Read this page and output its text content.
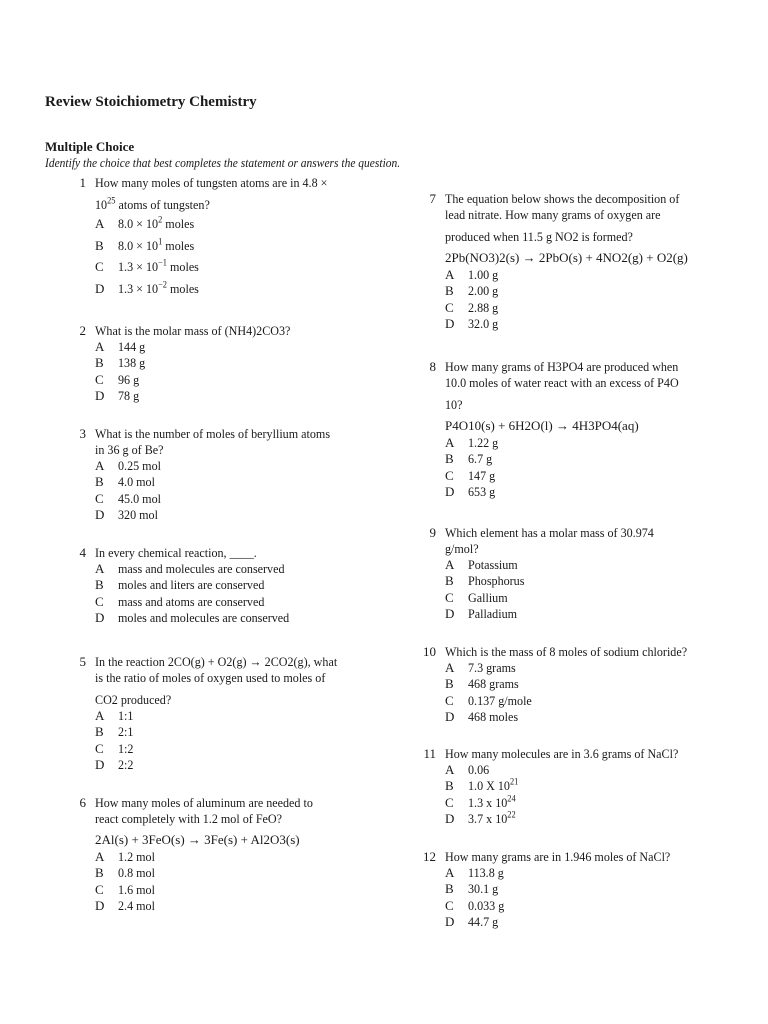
Review Stoichiometry Chemistry
Multiple Choice
Identify the choice that best completes the statement or answers the question.
1 How many moles of tungsten atoms are in 4.8 ×
$10^{25}$ atoms of tungsten?
A	$8.0 \times 10^2$ moles
B	$8.0 \times 10^1$ moles
C	$1.3 \times 10^{-1}$ moles
D	$1.3 \times 10^{-2}$ moles
2 What is the molar mass of (NH4)2CO3?
A	144 g
B	138 g
C	96 g
D	78 g
3 What is the number of moles of beryllium atoms
in 36 g of Be?
A	0.25 mol
B	4.0 mol
C	45.0 mol
D	320 mol
4 In every chemical reaction, ____.
A	mass and molecules are conserved
B	moles and liters are conserved
C	mass and atoms are conserved
D	moles and molecules are conserved
5 In the reaction 2CO(g) + O2(g) → 2CO2(g), what
is the ratio of moles of oxygen used to moles of
CO2 produced?
A	1:1
B	2:1
C	1:2
D	2:2
6 How many moles of aluminum are needed to
react completely with 1.2 mol of FeO?
2Al(s) + 3FeO(s) → 3Fe(s) + Al2O3(s)
A	1.2 mol
B	0.8 mol
C	1.6 mol
D	2.4 mol
7 The equation below shows the decomposition of
lead nitrate. How many grams of oxygen are
produced when 11.5 g NO2 is formed?
2Pb(NO3)2(s) → 2PbO(s) + 4NO2(g) + O2(g)
A	1.00 g
B	2.00 g
C	2.88 g
D	32.0 g
8 How many grams of H3PO4 are produced when
10.0 moles of water react with an excess of P4O
10?
P4O10(s) + 6H2O(l) → 4H3PO4(aq)
A	1.22 g
B	6.7 g
C	147 g
D	653 g
9 Which element has a molar mass of 30.974
g/mol?
A	Potassium
B	Phosphorus
C	Gallium
D	Palladium
10 Which is the mass of 8 moles of sodium chloride?
A	7.3 grams
B	468 grams
C	0.137 g/mole
D	468 moles
11 How many molecules are in 3.6 grams of NaCl?
A	0.06
B	1.0 X $10^{21}$
C	1.3 x $10^{24}$
D	3.7 x $10^{22}$
12 How many grams are in 1.946 moles of NaCl?
A	113.8 g
B	30.1 g
C	0.033 g
D	44.7 g
